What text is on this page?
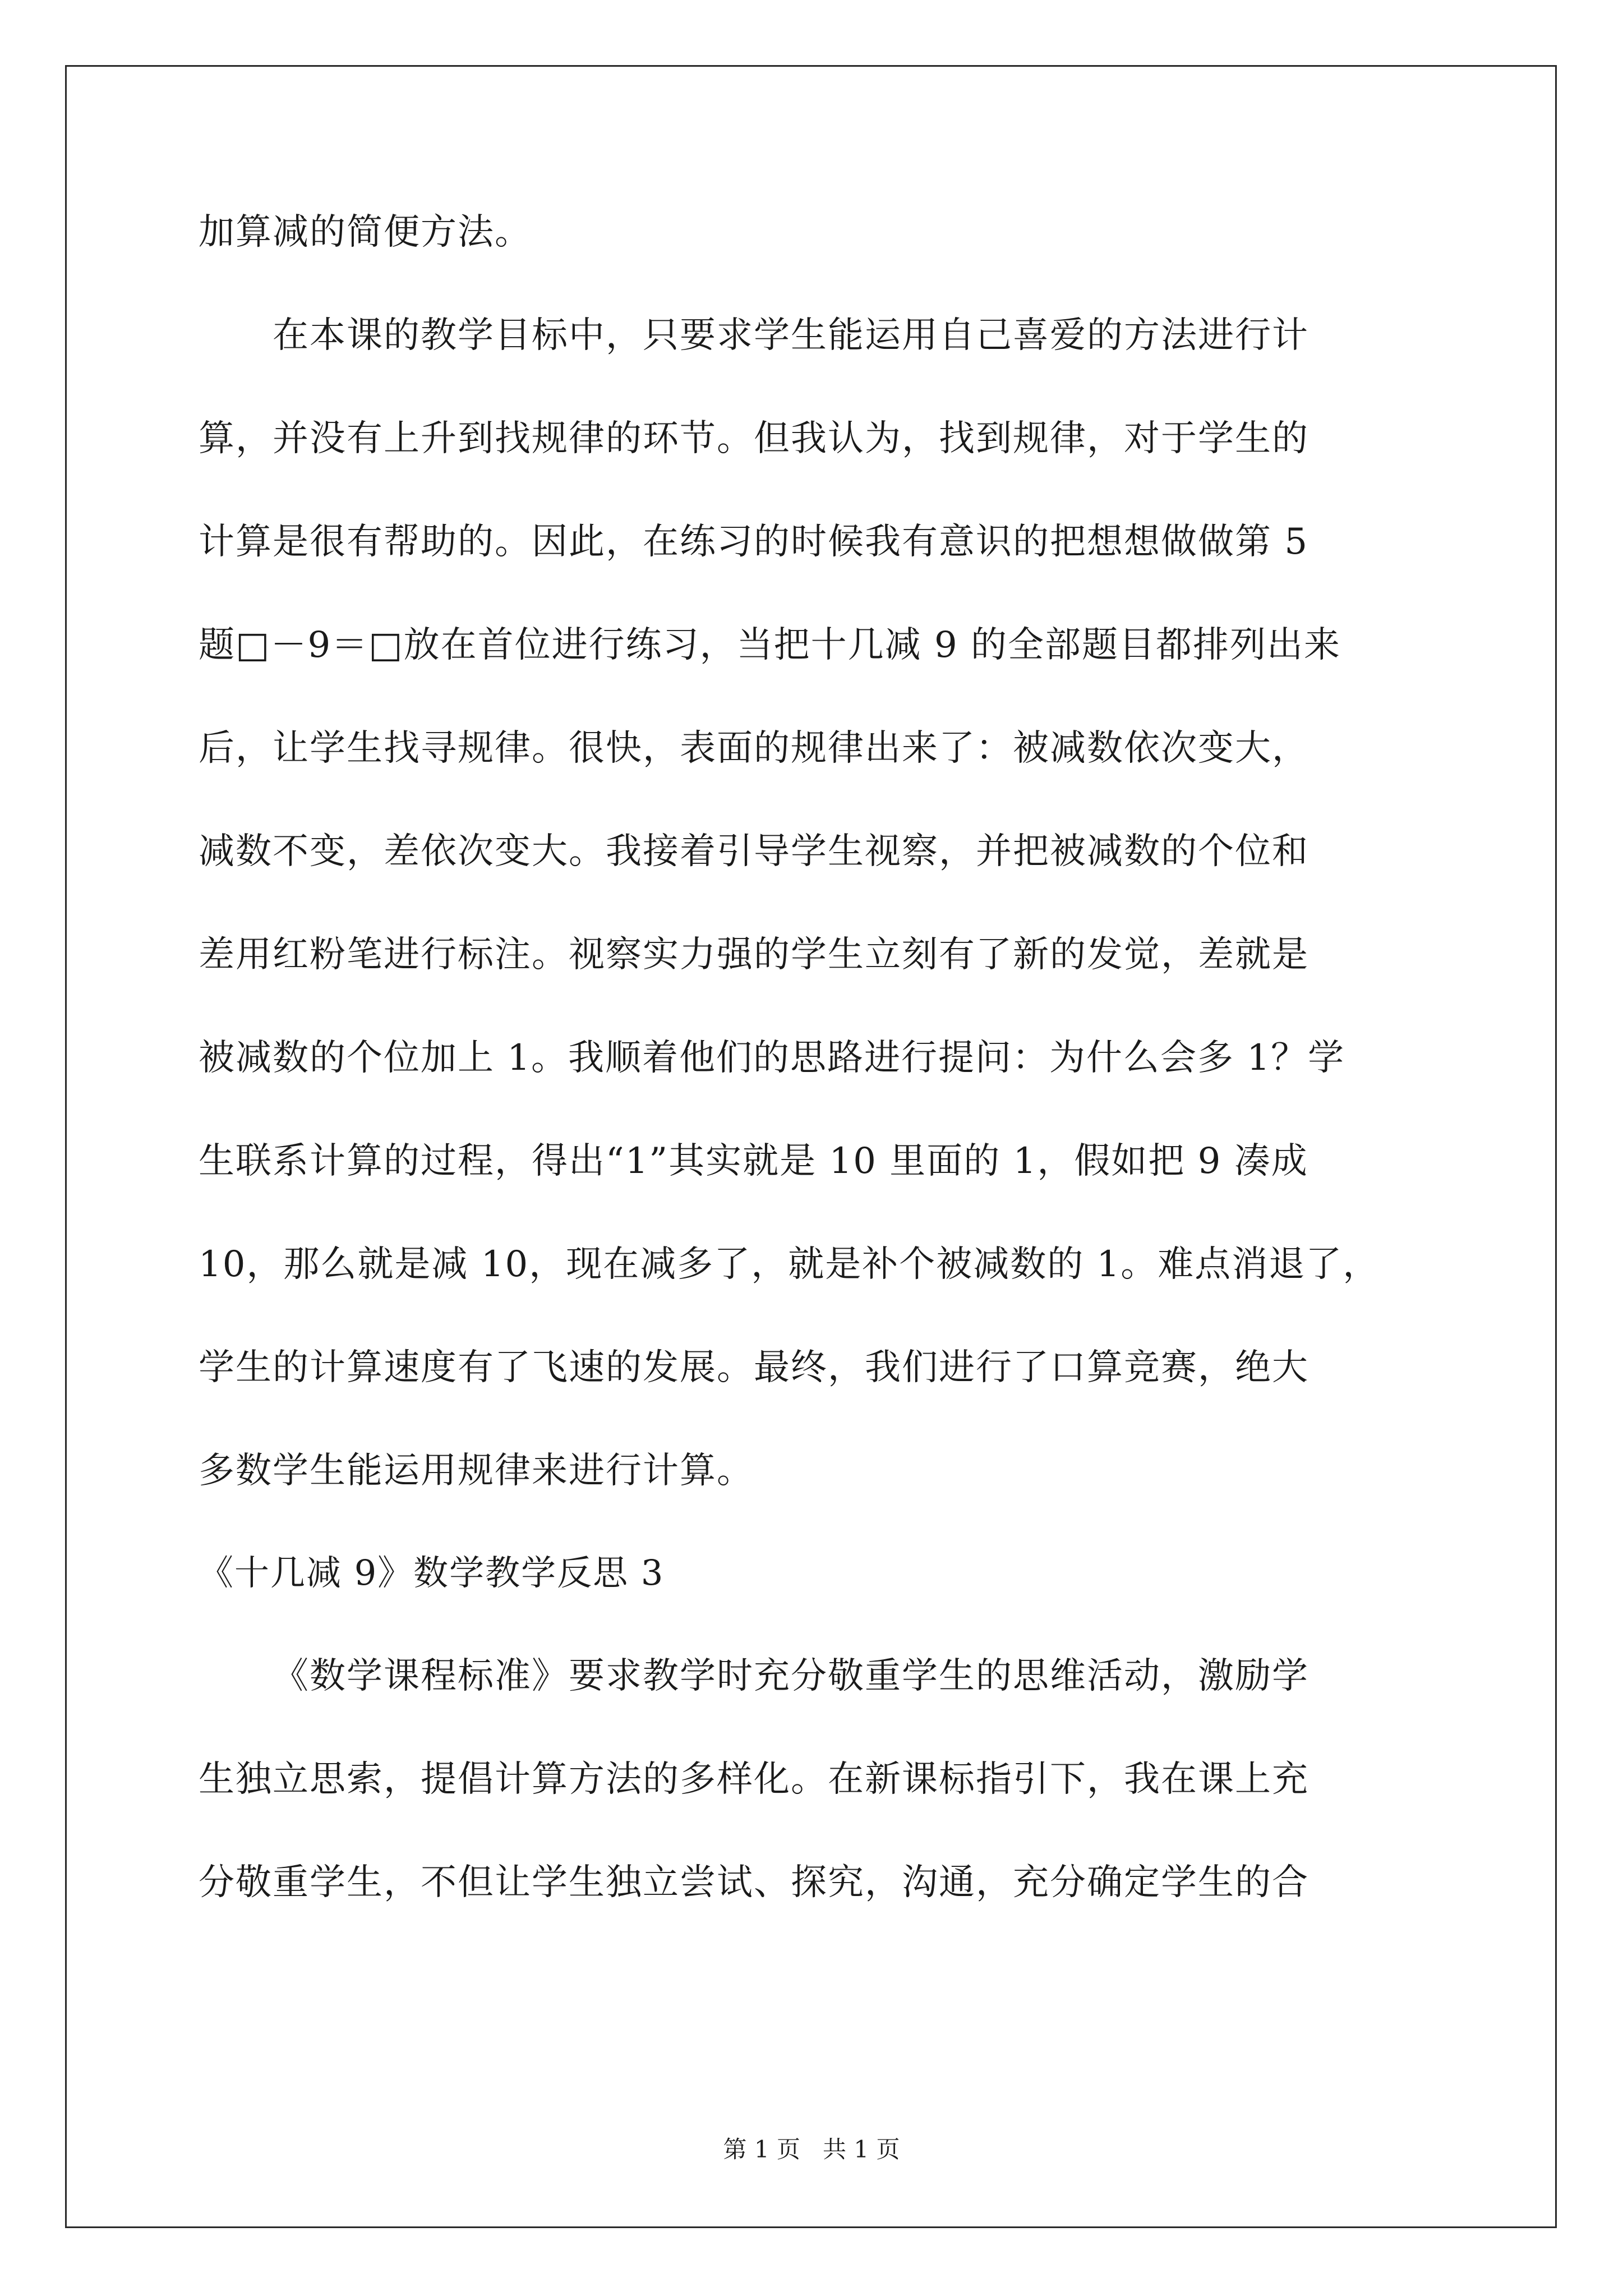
加算减的简便方法。
在本课的教学目标中，只要求学生能运用自己喜爱的方法进行计
算，并没有上升到找规律的环节。但我认为，找到规律，对于学生的
计算是很有帮助的。因此，在练习的时候我有意识的把想想做做第 5
题□－9＝□放在首位进行练习，当把十几减 9 的全部题目都排列出来
后，让学生找寻规律。很快，表面的规律出来了：被减数依次变大，
减数不变，差依次变大。我接着引导学生视察，并把被减数的个位和
差用红粉笔进行标注。视察实力强的学生立刻有了新的发觉，差就是
被减数的个位加上 1。我顺着他们的思路进行提问：为什么会多 1？学
生联系计算的过程，得出“1”其实就是 10 里面的 1，假如把 9 凑成
10，那么就是减 10，现在减多了，就是补个被减数的 1。难点消退了，
学生的计算速度有了飞速的发展。最终，我们进行了口算竞赛，绝大
多数学生能运用规律来进行计算。
《十几减 9》数学教学反思 3
《数学课程标准》要求教学时充分敬重学生的思维活动，激励学
生独立思索，提倡计算方法的多样化。在新课标指引下，我在课上充
分敬重学生，不但让学生独立尝试、探究，沟通，充分确定学生的合
第 1 页   共 1 页
